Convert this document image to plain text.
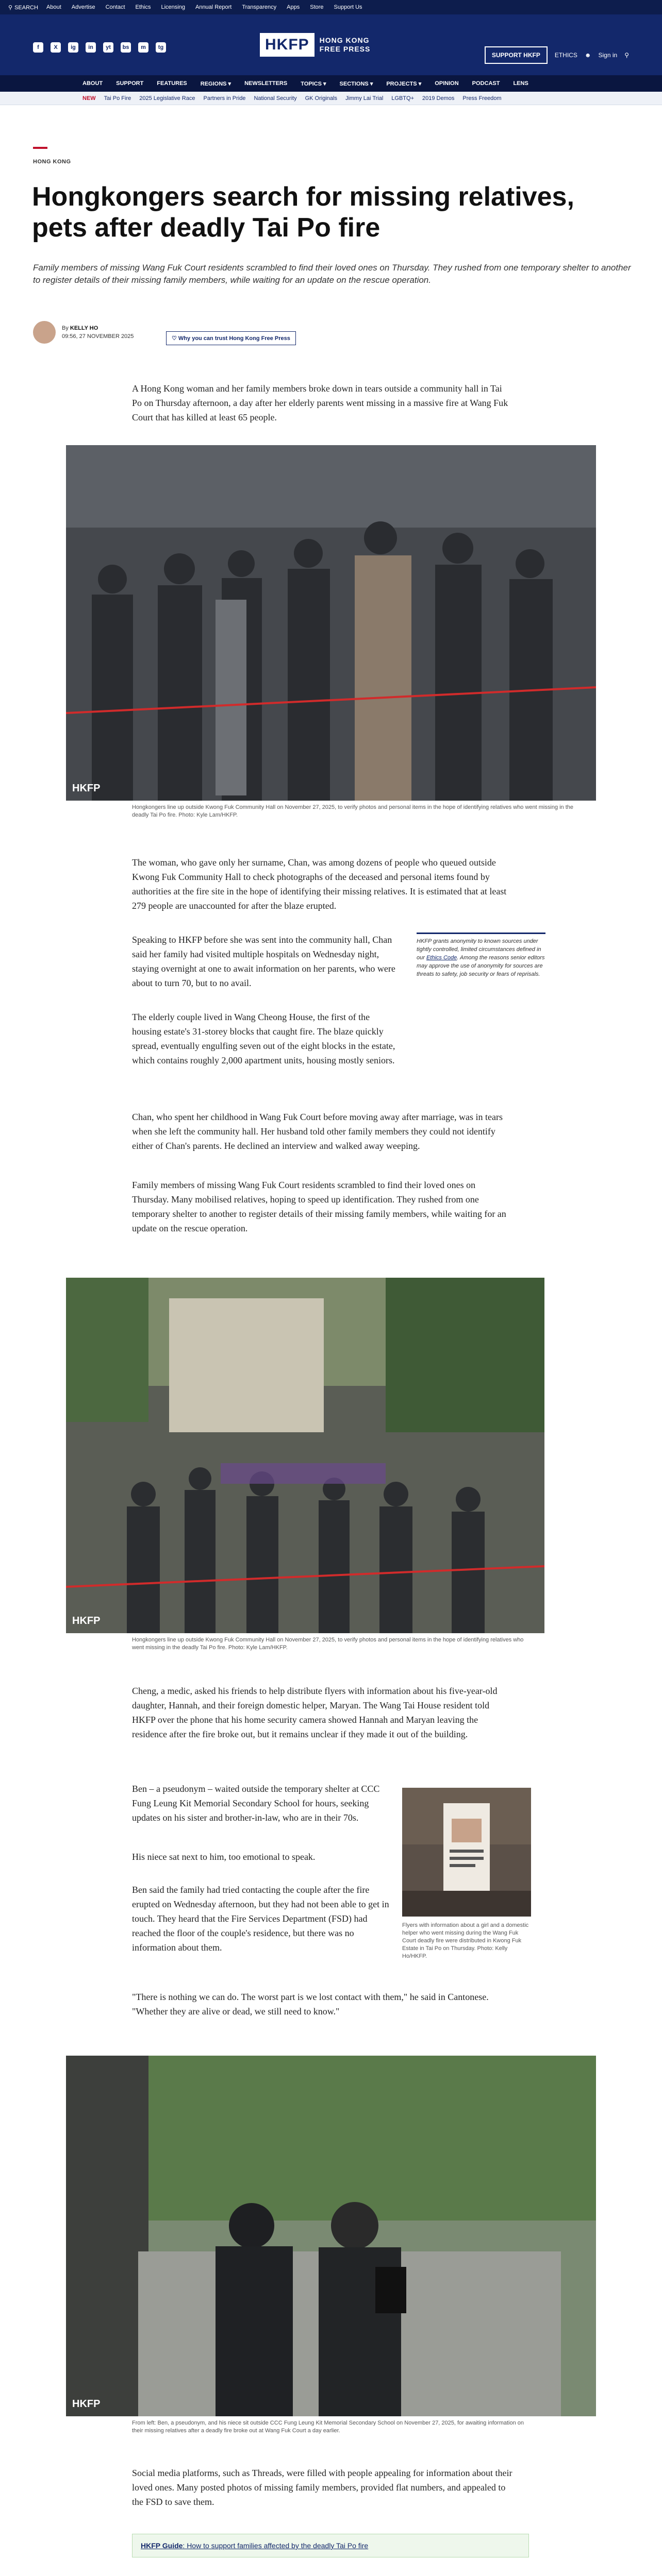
⚲ SEARCH About Advertise Contact Ethics Licensing Annual Report Transparency Apps Store Support Us
f	X	ig	in	yt	bs	m	tg	HKFP	HONG KONG
FREE PRESS
SUPPORT HKFP	ETHICS ☻ Sign in ⚲
ABOUT SUPPORT FEATURES REGIONS ▾ NEWSLETTERS TOPICS ▾ SECTIONS ▾ PROJECTS ▾ OPINION PODCAST LENS
NEW Tai Po Fire 2025 Legislative Race Partners in Pride National Security GK Originals Jimmy Lai Trial LGBTQ+ 2019 Demos Press Freedom
HONG KONG
Hongkongers search for missing relatives, pets after deadly Tai Po fire

Family members of missing Wang Fuk Court residents scrambled to find their loved ones on Thursday. They rushed from one temporary shelter to another to register details of their missing family members, while waiting for an update on the rescue operation.

By KELLY HO
09:56, 27 NOVEMBER 2025
♡	Why you can trust Hong Kong Free Press

A Hong Kong woman and her family members broke down in tears outside a community hall in Tai Po on Thursday afternoon, a day after her elderly parents went missing in a massive fire at Wang Fuk Court that has killed at least 65 people.

HKFP

Hongkongers line up outside Kwong Fuk Community Hall on November 27, 2025, to verify photos and personal items in the hope of identifying relatives who went missing in the deadly Tai Po fire. Photo: Kyle Lam/HKFP.

The woman, who gave only her surname, Chan, was among dozens of people who queued outside Kwong Fuk Community Hall to check photographs of the deceased and personal items found by authorities at the fire site in the hope of identifying their missing relatives. It is estimated that at least 279 people are unaccounted for after the blaze erupted.

Speaking to HKFP before she was sent into the community hall, Chan said her family had visited multiple hospitals on Wednesday night, staying overnight at one to await information on her parents, who were about to turn 70, but to no avail.

HKFP grants anonymity to known sources under tightly controlled, limited circumstances defined in our Ethics Code. Among the reasons senior editors may approve the use of anonymity for sources are threats to safety, job security or fears of reprisals.

The elderly couple lived in Wang Cheong House, the first of the housing estate's 31-storey blocks that caught fire. The blaze quickly spread, eventually engulfing seven out of the eight blocks in the estate, which contains roughly 2,000 apartment units, housing mostly seniors.

Chan, who spent her childhood in Wang Fuk Court before moving away after marriage, was in tears when she left the community hall. Her husband told other family members they could not identify either of Chan's parents. He declined an interview and walked away weeping.

Family members of missing Wang Fuk Court residents scrambled to find their loved ones on Thursday. Many mobilised relatives, hoping to speed up identification. They rushed from one temporary shelter to another to register details of their missing family members, while waiting for an update on the rescue operation.

HKFP

Hongkongers line up outside Kwong Fuk Community Hall on November 27, 2025, to verify photos and personal items in the hope of identifying relatives who went missing in the deadly Tai Po fire. Photo: Kyle Lam/HKFP.

Cheng, a medic, asked his friends to help distribute flyers with information about his five-year-old daughter, Hannah, and their foreign domestic helper, Maryan. The Wang Tai House resident told HKFP over the phone that his home security camera showed Hannah and Maryan leaving the residence after the fire broke out, but it remains unclear if they made it out of the building.

Ben – a pseudonym – waited outside the temporary shelter at CCC Fung Leung Kit Memorial Secondary School for hours, seeking updates on his sister and brother-in-law, who are in their 70s.

His niece sat next to him, too emotional to speak.

Ben said the family had tried contacting the couple after the fire erupted on Wednesday afternoon, but they had not been able to get in touch. They heard that the Fire Services Department (FSD) had reached the floor of the couple's residence, but there was no information about them.

Flyers with information about a girl and a domestic helper who went missing during the Wang Fuk Court deadly fire were distributed in Kwong Fuk Estate in Tai Po on Thursday. Photo: Kelly Ho/HKFP.

"There is nothing we can do. The worst part is we lost contact with them," he said in Cantonese. "Whether they are alive or dead, we still need to know."

HKFP

From left: Ben, a pseudonym, and his niece sit outside CCC Fung Leung Kit Memorial Secondary School on November 27, 2025, for awaiting information on their missing relatives after a deadly fire broke out at Wang Fuk Court a day earlier.

Social media platforms, such as Threads, were filled with people appealing for information about their loved ones. Many posted photos of missing family members, provided flat numbers, and appealed to the FSD to save them.

HKFP Guide: How to support families affected by the deadly Tai Po fire
